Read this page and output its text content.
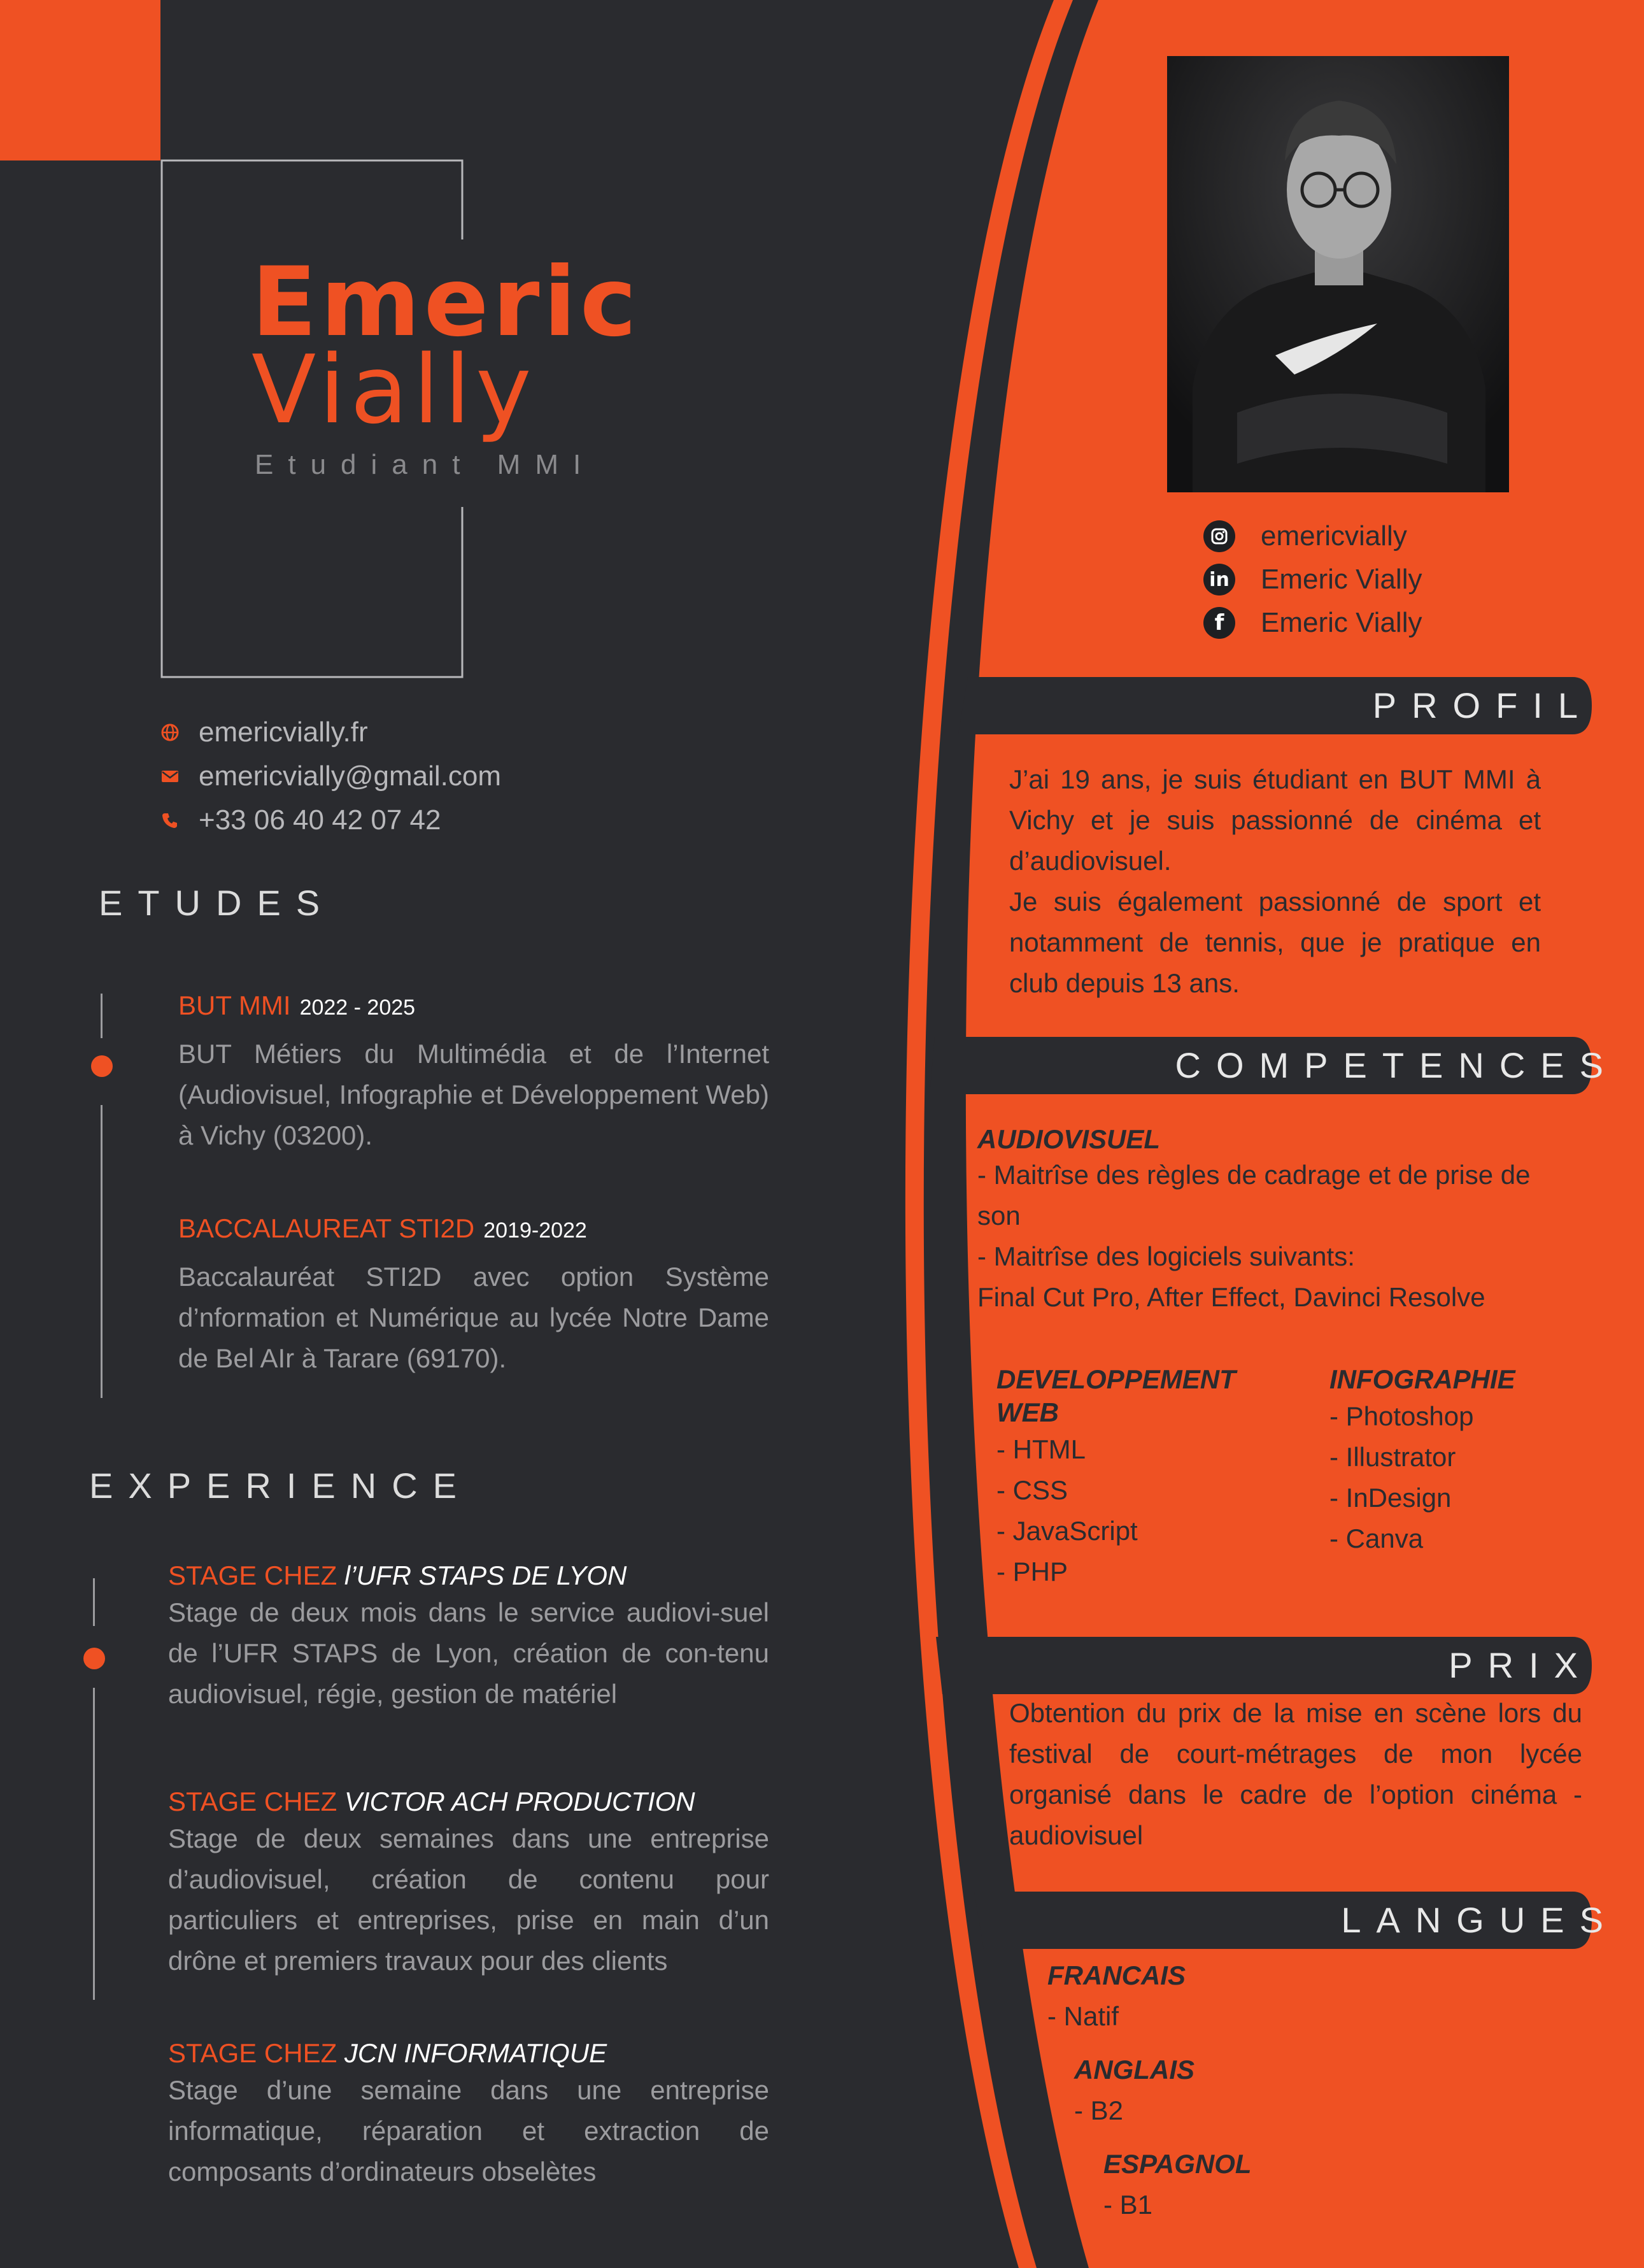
emericvially
in Emeric Vially
f Emeric Vially
Emeric
Vially
Etudiant MMI
emericvially.fr
emericvially@gmail.com
+33 06 40 42 07 42
ETUDES
BUT MMI 2022 - 2025
BUT Métiers du Multimédia et de l’Internet (Audiovisuel, Infographie et Développement Web) à Vichy (03200).
BACCALAUREAT STI2D 2019-2022
Baccalauréat STI2D avec option Système d’nformation et Numérique au lycée Notre Dame de Bel AIr à Tarare (69170).
EXPERIENCE
STAGE CHEZ l’UFR STAPS DE LYON
Stage de deux mois dans le service audiovi-suel de l’UFR STAPS de Lyon, création de con-tenu audiovisuel, régie, gestion de matériel
STAGE CHEZ VICTOR ACH PRODUCTION
Stage de deux semaines dans une entreprise d’audiovisuel, création de contenu pour particuliers et entreprises, prise en main d’un drône et premiers travaux pour des clients
STAGE CHEZ JCN INFORMATIQUE
Stage d’une semaine dans une entreprise informatique, réparation et extraction de composants d’ordinateurs obselètes
PROFIL
J’ai 19 ans, je suis étudiant en BUT MMI à Vichy et je suis passionné de cinéma et d’audiovisuel.
Je suis également passionné de sport et notamment de tennis, que je pratique en club depuis 13 ans.
COMPETENCES
AUDIOVISUEL
- Maitrîse des règles de cadrage et de prise de son
- Maitrîse des logiciels suivants:
Final Cut Pro, After Effect, Davinci Resolve
DEVELOPPEMENT WEB
- HTML
- CSS
- JavaScript
- PHP
INFOGRAPHIE
- Photoshop
- Illustrator
- InDesign
- Canva
PRIX
Obtention du prix de la mise en scène lors du festival de court-métrages de mon lycée organisé dans le cadre de l’option cinéma - audiovisuel
LANGUES
FRANCAIS
- Natif
ANGLAIS
- B2
ESPAGNOL
- B1
